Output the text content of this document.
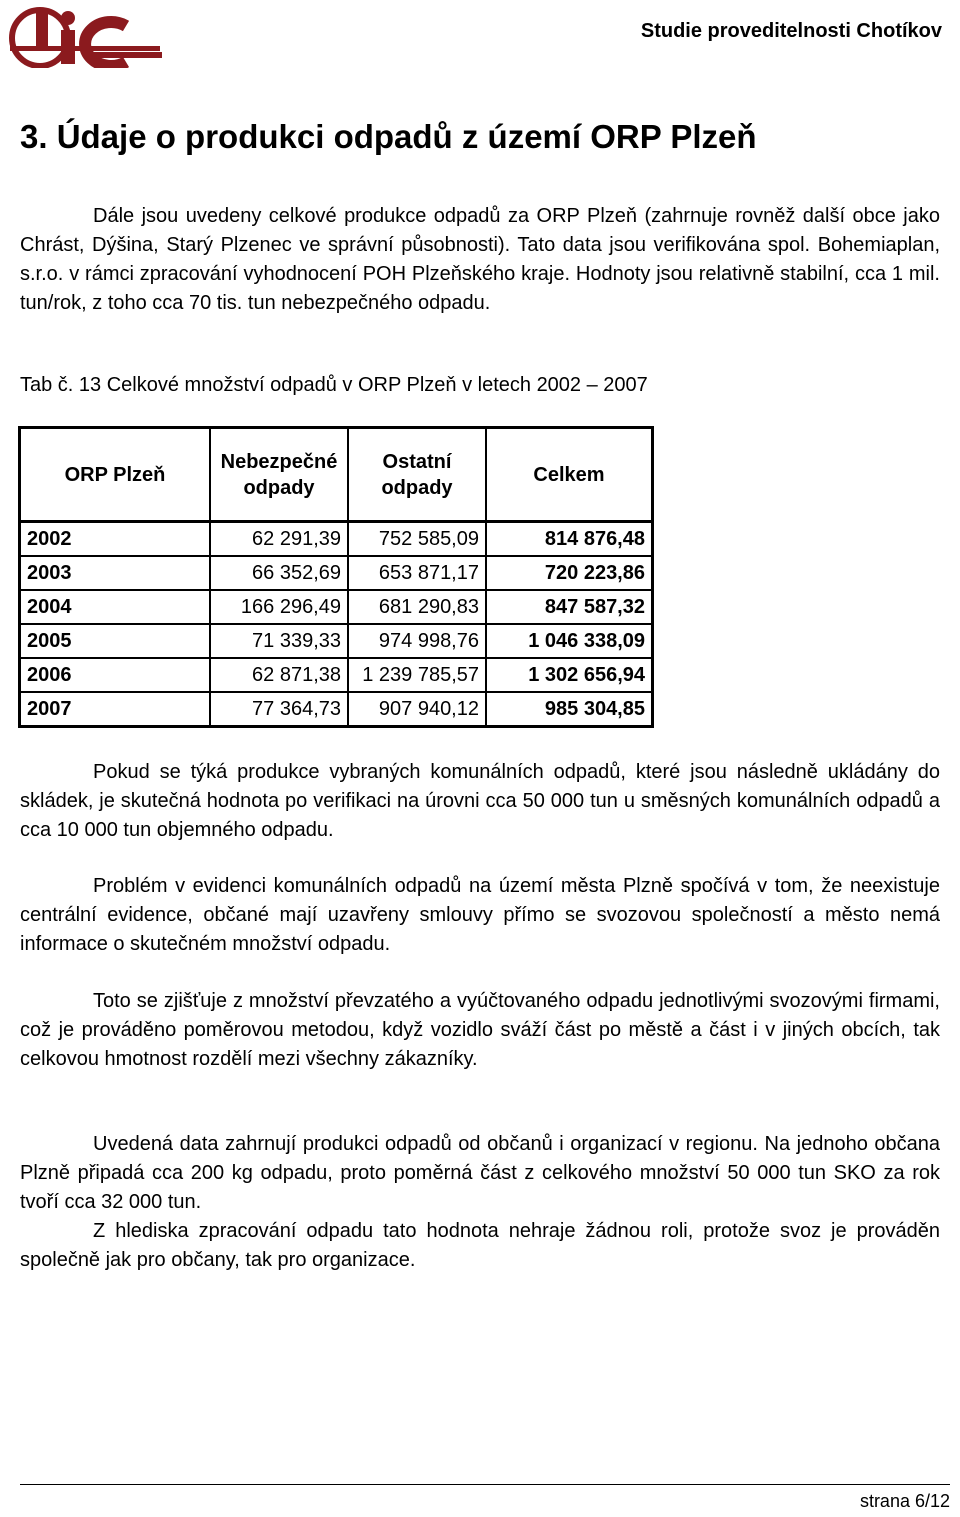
Studie proveditelnosti Chotíkov
3. Údaje o produkci odpadů z území ORP Plzeň

Dále jsou uvedeny celkové produkce odpadů za ORP Plzeň (zahrnuje rovněž další obce jako Chrást, Dýšina, Starý Plzenec ve správní působnosti). Tato data jsou verifikována spol. Bohemiaplan, s.r.o. v rámci zpracování vyhodnocení POH Plzeňského kraje. Hodnoty jsou relativně stabilní, cca 1 mil. tun/rok, z toho cca 70 tis. tun nebezpečného odpadu.

Tab č. 13 Celkové množství odpadů v ORP Plzeň v letech 2002 – 2007

ORP Plzeň	Nebezpečné odpady	Ostatní odpady	Celkem
2002	62 291,39	752 585,09	814 876,48
2003	66 352,69	653 871,17	720 223,86
2004	166 296,49	681 290,83	847 587,32
2005	71 339,33	974 998,76	1 046 338,09
2006	62 871,38	1 239 785,57	1 302 656,94
2007	77 364,73	907 940,12	985 304,85

Pokud se týká produkce vybraných komunálních odpadů, které jsou následně ukládány do skládek, je skutečná hodnota po verifikaci na úrovni cca 50 000 tun u směsných komunálních odpadů a cca 10 000 tun objemného odpadu.

Problém v evidenci komunálních odpadů na území města Plzně spočívá v tom, že neexistuje centrální evidence, občané mají uzavřeny smlouvy přímo se svozovou společností a město nemá informace o skutečném množství odpadu.

Toto se zjišťuje z množství převzatého a vyúčtovaného odpadu jednotlivými svozovými firmami, což je prováděno poměrovou metodou, když vozidlo sváží část po městě a část i v jiných obcích, tak celkovou hmotnost rozdělí mezi všechny zákazníky.

Uvedená data zahrnují produkci odpadů od občanů i organizací v regionu. Na jednoho občana Plzně připadá cca 200 kg odpadu, proto poměrná část z celkového množství 50 000 tun SKO za rok tvoří cca 32 000 tun.

Z hlediska zpracování odpadu tato hodnota nehraje žádnou roli, protože svoz je prováděn společně jak pro občany, tak pro organizace.

strana 6/12
